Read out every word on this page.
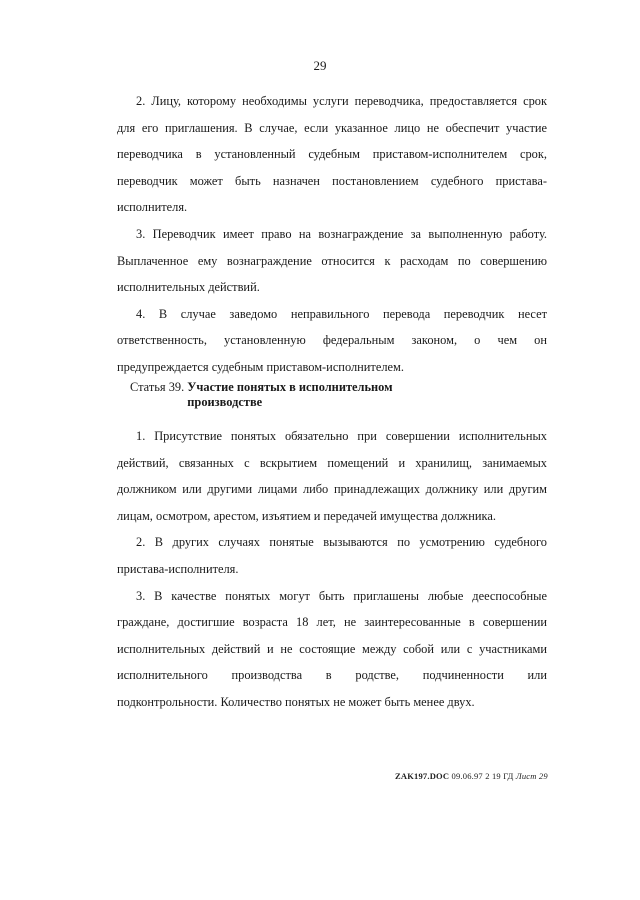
29

2. Лицу, которому необходимы услуги переводчика, предоставляется срок для его приглашения. В случае, если указанное лицо не обеспечит участие переводчика в установленный судебным приставом-исполнителем срок, переводчик может быть назначен постановлением судебного пристава-исполнителя.

3. Переводчик имеет право на вознаграждение за выполненную работу. Выплаченное ему вознаграждение относится к расходам по совершению исполнительных действий.

4. В случае заведомо неправильного перевода переводчик несет ответственность, установленную федеральным законом, о чем он предупреждается судебным приставом-исполнителем.

Статья 39. Участие понятых в исполнительном
производстве

1. Присутствие понятых обязательно при совершении исполнительных действий, связанных с вскрытием помещений и хранилищ, занимаемых должником или другими лицами либо принадлежащих должнику или другим лицам, осмотром, арестом, изъятием и передачей имущества должника.

2. В других случаях понятые вызываются по усмотрению судебного пристава-исполнителя.

3. В качестве понятых могут быть приглашены любые дееспособные граждане, достигшие возраста 18 лет, не заинтересованные в совершении исполнительных действий и не состоящие между собой или с участниками исполнительного производства в родстве, подчиненности или подконтрольности. Количество понятых не может быть менее двух.

ZAK197.DOC 09.06.97 2 19 ГД Лист 29
